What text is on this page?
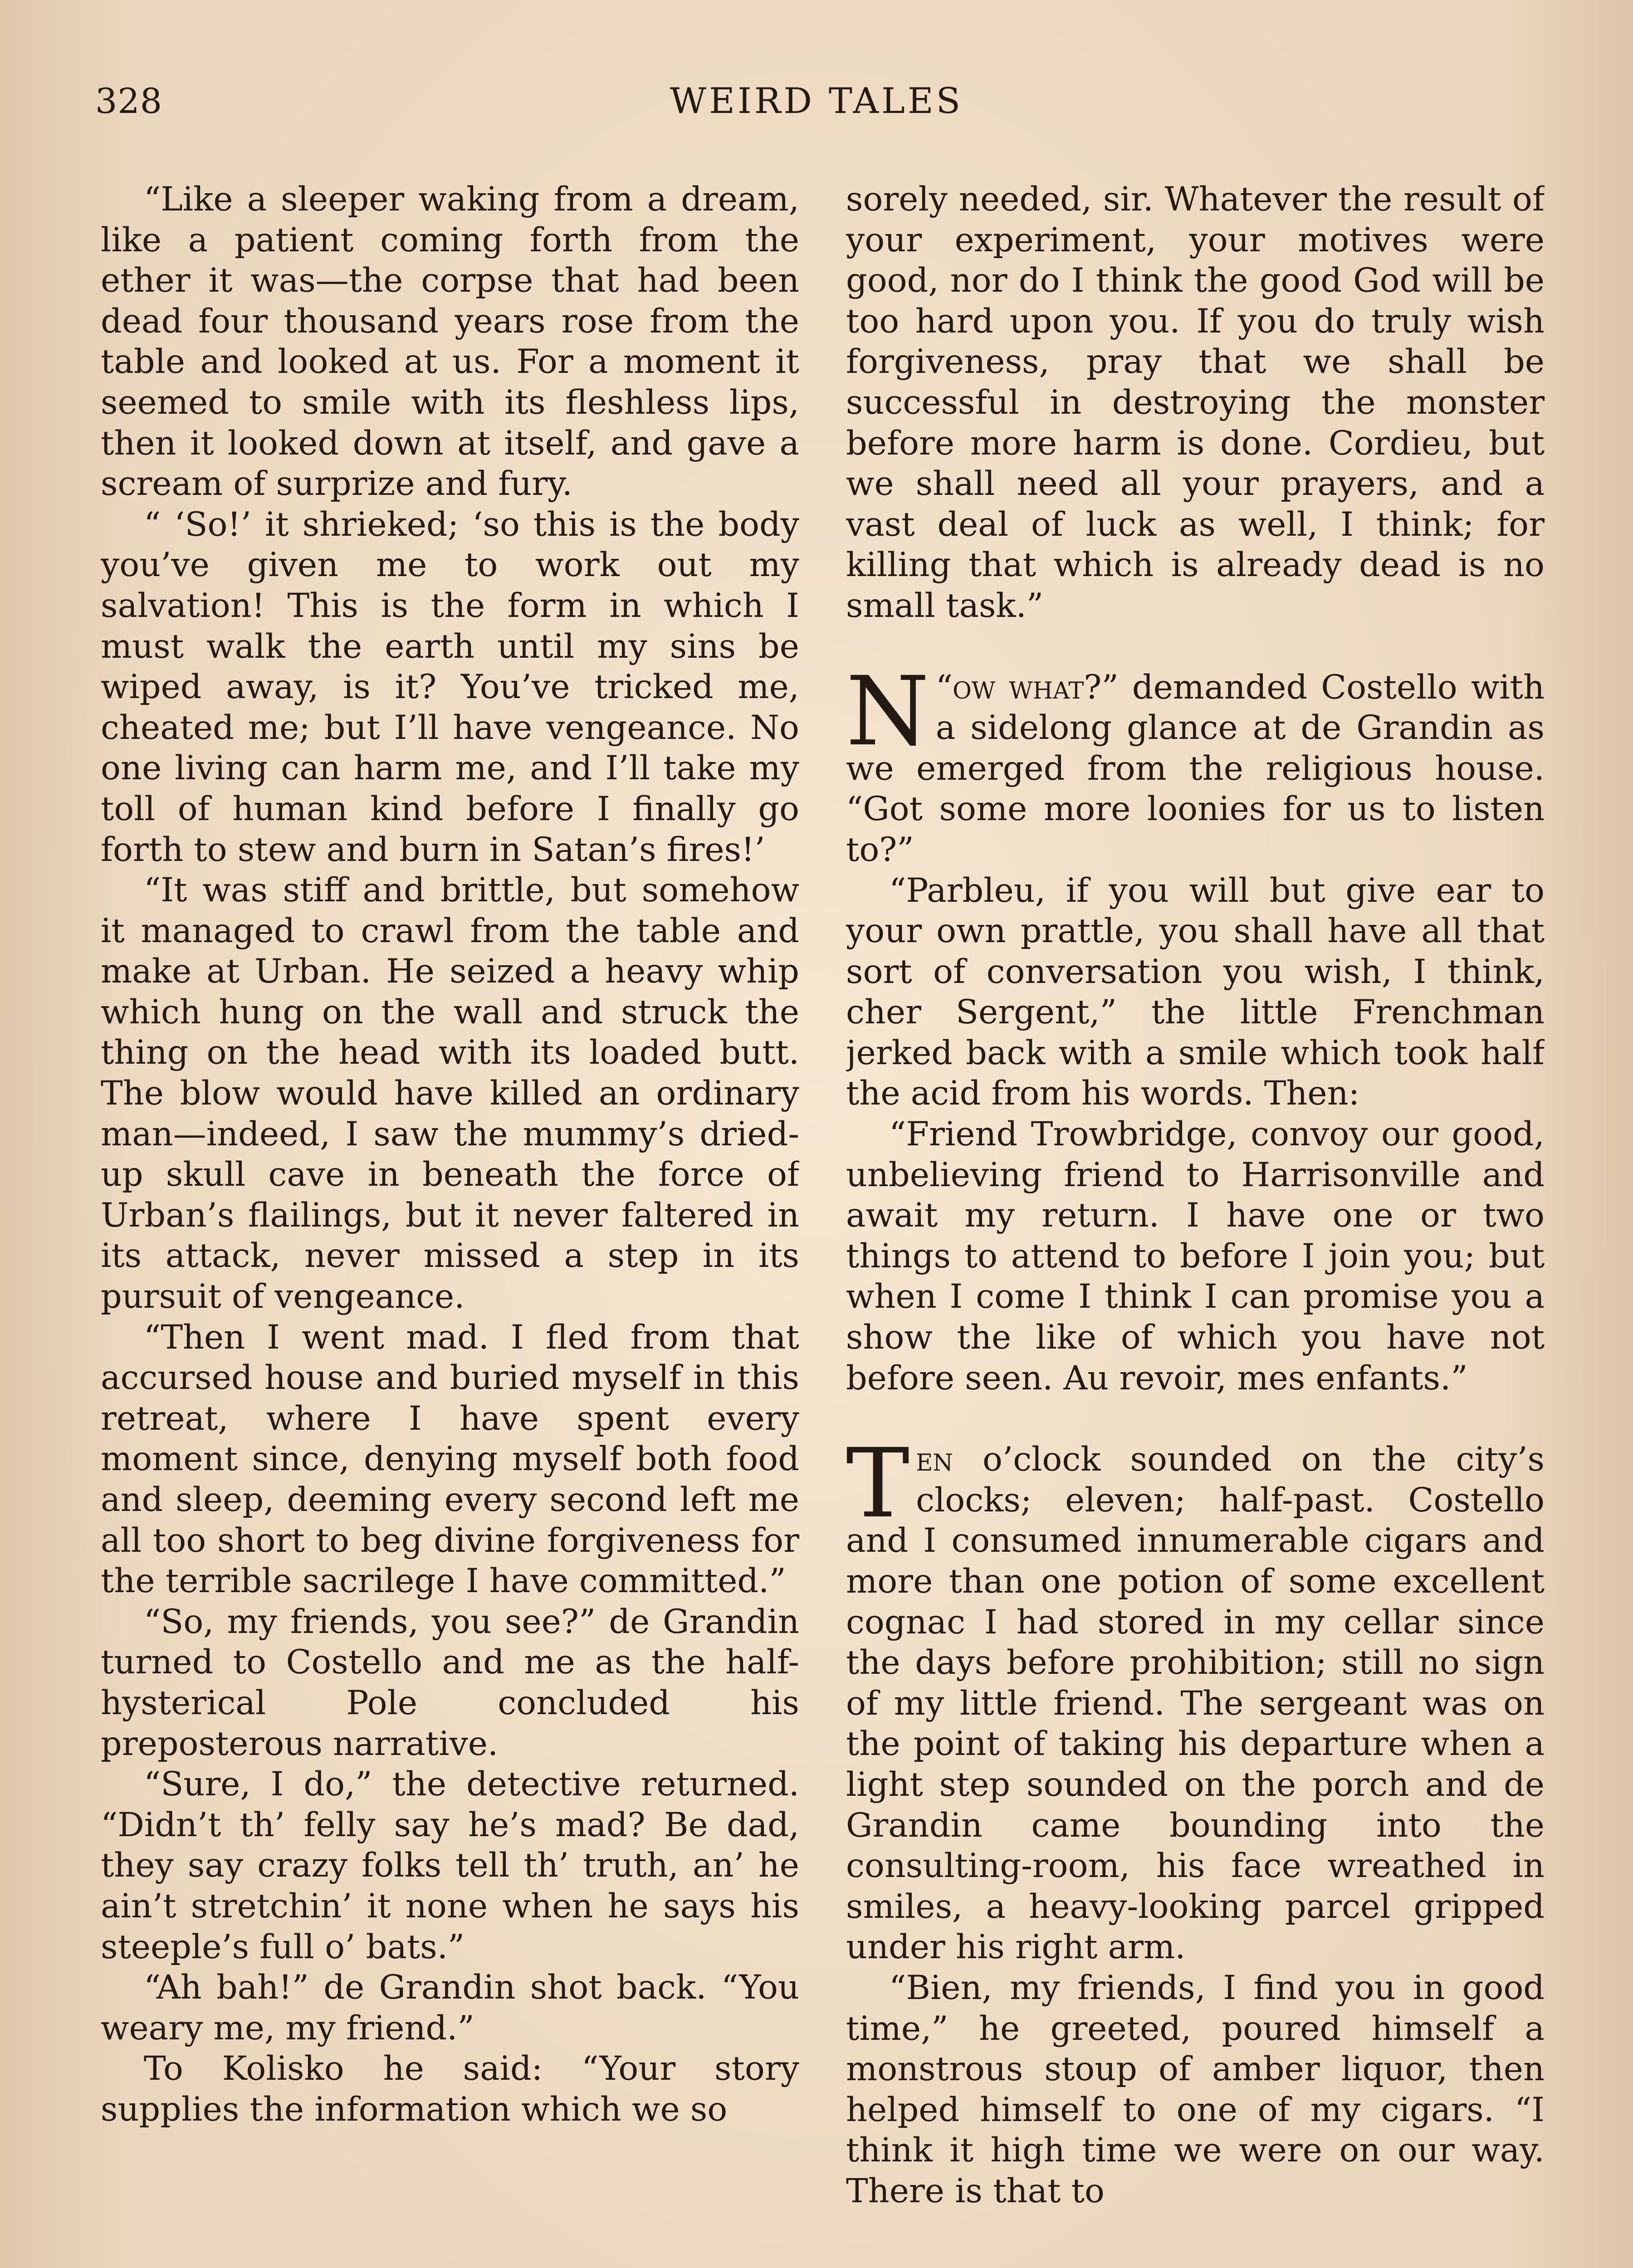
328	WEIRD TALES

“Like a sleeper waking from a dream, like a patient coming forth from the ether it was—the corpse that had been dead four thousand years rose from the table and looked at us. For a moment it seemed to smile with its fleshless lips, then it looked down at itself, and gave a scream of surprize and fury.

“ ‘So!’ it shrieked; ‘so this is the body you’ve given me to work out my salvation! This is the form in which I must walk the earth until my sins be wiped away, is it? You’ve tricked me, cheated me; but I’ll have vengeance. No one living can harm me, and I’ll take my toll of human kind before I finally go forth to stew and burn in Satan’s fires!’

“It was stiff and brittle, but somehow it managed to crawl from the table and make at Urban. He seized a heavy whip which hung on the wall and struck the thing on the head with its loaded butt. The blow would have killed an ordinary man—indeed, I saw the mummy’s dried-up skull cave in beneath the force of Urban’s flailings, but it never faltered in its attack, never missed a step in its pursuit of vengeance.

“Then I went mad. I fled from that accursed house and buried myself in this retreat, where I have spent every moment since, denying myself both food and sleep, deeming every second left me all too short to beg divine forgiveness for the terrible sacrilege I have committed.”

“So, my friends, you see?” de Grandin turned to Costello and me as the half-hysterical Pole concluded his preposterous narrative.

“Sure, I do,” the detective returned. “Didn’t th’ felly say he’s mad? Be dad, they say crazy folks tell th’ truth, an’ he ain’t stretchin’ it none when he says his steeple’s full o’ bats.”

“Ah bah!” de Grandin shot back. “You weary me, my friend.”

To Kolisko he said: “Your story supplies the information which we so

sorely needed, sir. Whatever the result of your experiment, your motives were good, nor do I think the good God will be too hard upon you. If you do truly wish forgiveness, pray that we shall be successful in destroying the monster before more harm is done. Cordieu, but we shall need all your prayers, and a vast deal of luck as well, I think; for killing that which is already dead is no small task.”

“
N ow what?” demanded Costello with a sidelong glance at de Grandin as we emerged from the religious house. “Got some more loonies for us to listen to?”

“Parbleu, if you will but give ear to your own prattle, you shall have all that sort of conversation you wish, I think, cher Sergent,” the little Frenchman jerked back with a smile which took half the acid from his words. Then:

“Friend Trowbridge, convoy our good, unbelieving friend to Harrisonville and await my return. I have one or two things to attend to before I join you; but when I come I think I can promise you a show the like of which you have not before seen. Au revoir, mes enfants.”

Ten o’clock sounded on the city’s clocks; eleven; half-past. Costello and I consumed innumerable cigars and more than one potion of some excellent cognac I had stored in my cellar since the days before prohibition; still no sign of my little friend. The sergeant was on the point of taking his departure when a light step sounded on the porch and de Grandin came bounding into the consulting-room, his face wreathed in smiles, a heavy-looking parcel gripped under his right arm.

“Bien, my friends, I find you in good time,” he greeted, poured himself a monstrous stoup of amber liquor, then helped himself to one of my cigars. “I think it high time we were on our way. There is that to
